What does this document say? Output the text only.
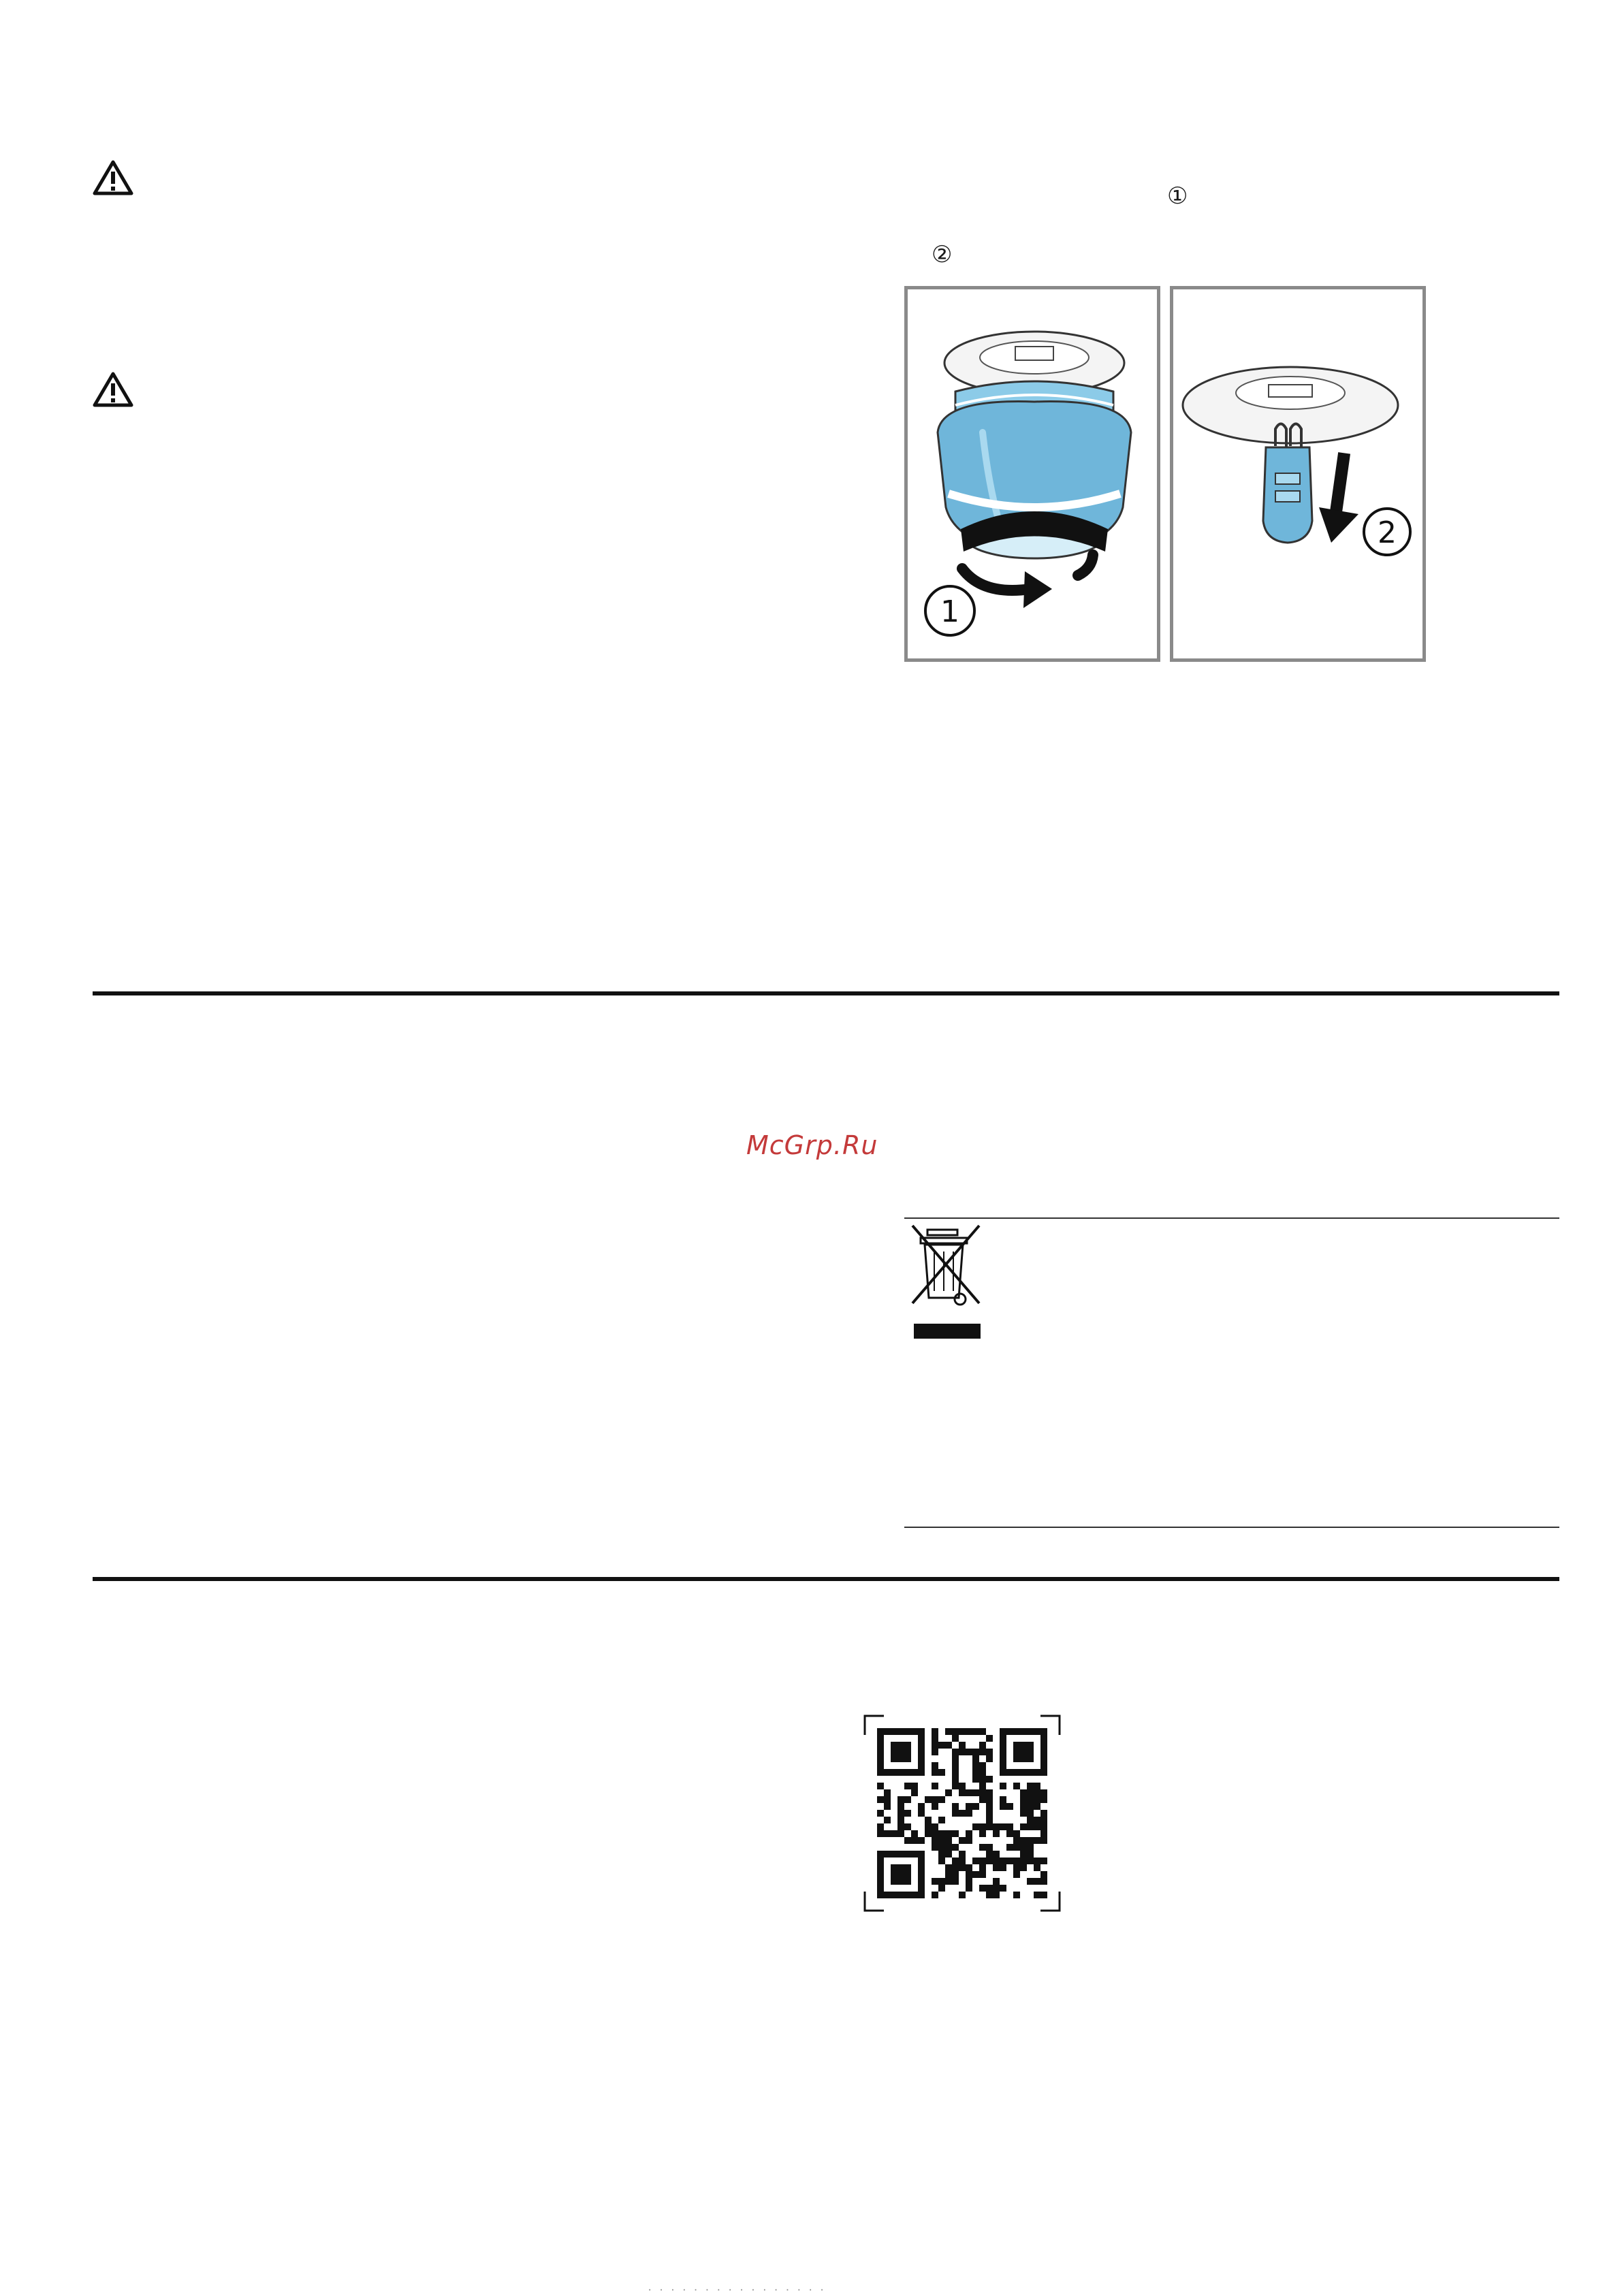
①
②
1
2
McGrp.Ru
· · · · · · · · · · · · · · · ·
